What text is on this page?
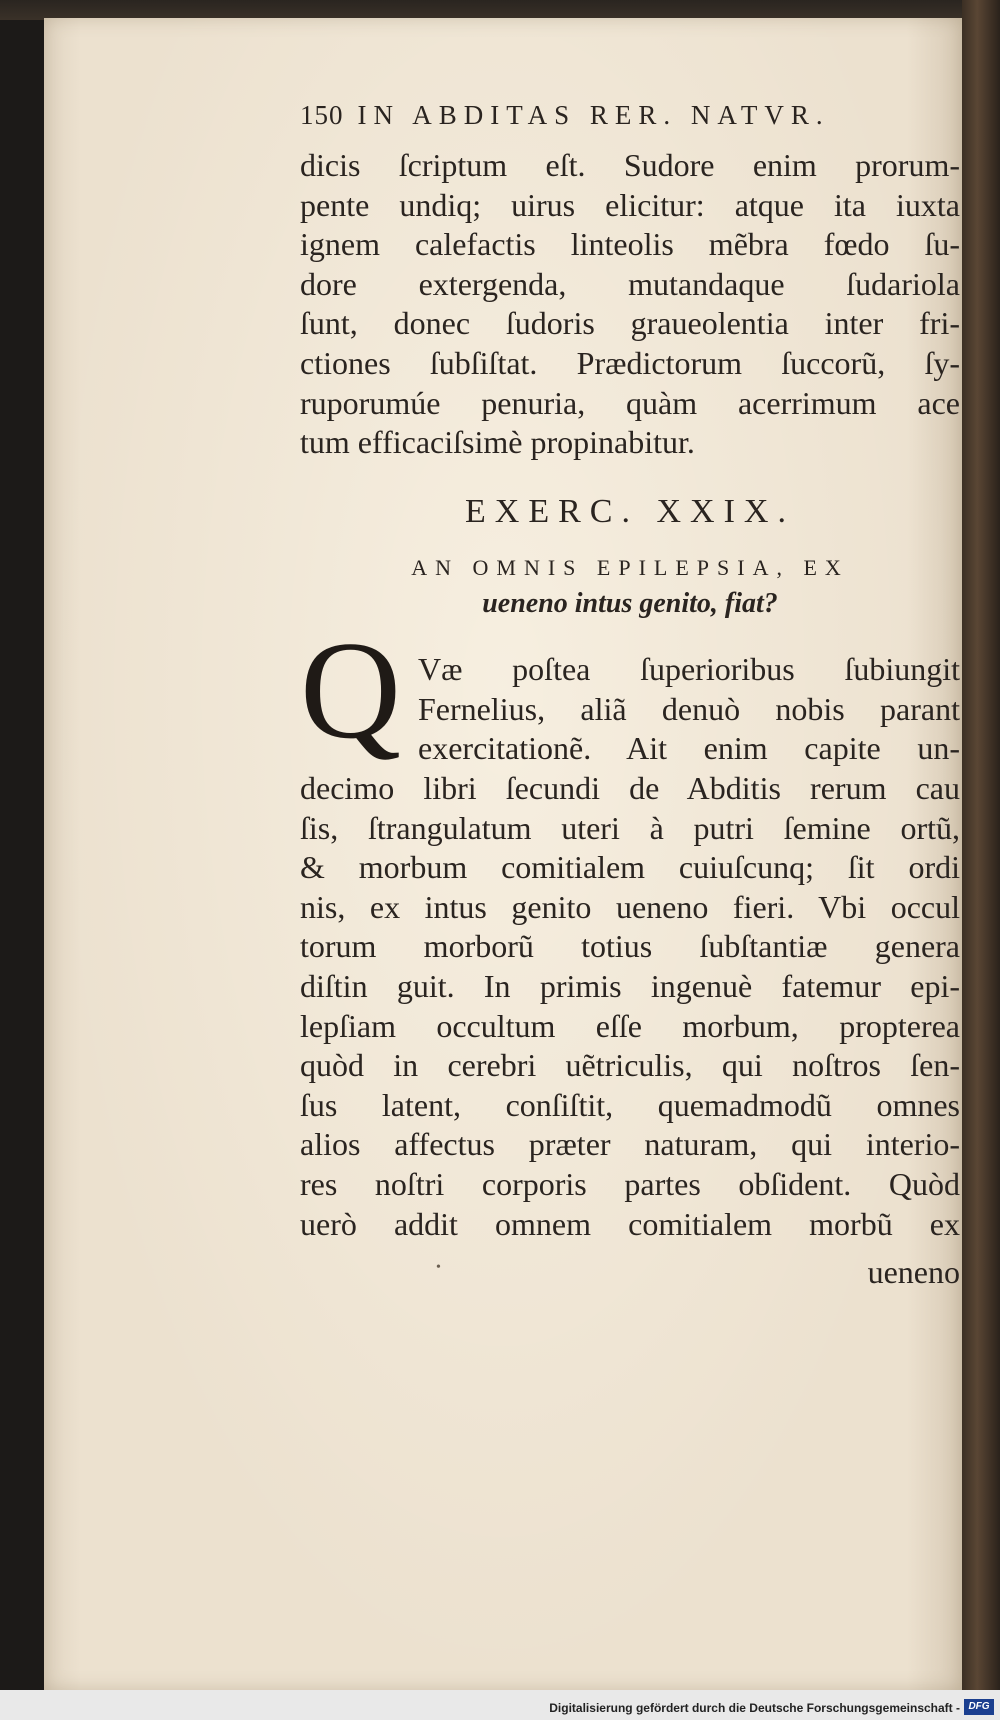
150 IN ABDITAS RER. NATVR.
dicis ſcriptum eſt. Sudore enim prorum-
pente undiq; uirus elicitur: atque ita iuxta
ignem calefactis linteolis mẽbra fœdo ſu-
dore extergenda, mutandaque ſudariola
ſunt, donec ſudoris graueolentia inter fri-
ctiones ſubſiſtat. Prædictorum ſuccorũ, ſy-
ruporumúe penuria, quàm acerrimum ace
tum efficaciſsimè propinabitur.
EXERC. XXIX.
AN OMNIS EPILEPSIA, EX
ueneno intus genito, fiat?
Q Væ poſtea ſuperioribus ſubiungit
Fernelius, aliã denuò nobis parant
exercitationẽ. Ait enim capite un-
decimo libri ſecundi de Abditis rerum cau
ſis, ſtrangulatum uteri à putri ſemine ortũ,
& morbum comitialem cuiuſcunq; ſit ordi
nis, ex intus genito ueneno fieri. Vbi occul
torum morborũ totius ſubſtantiæ genera
diſtin guit. In primis ingenuè fatemur epi-
lepſiam occultum eſſe morbum, propterea
quòd in cerebri uẽtriculis, qui noſtros ſen-
ſus latent, conſiſtit, quemadmodũ omnes
alios affectus præter naturam, qui interio-
res noſtri corporis partes obſident. Quòd
uerò addit omnem comitialem morbũ ex
•	ueneno
Digitalisierung gefördert durch die Deutsche Forschungsgemeinschaft - DFG
